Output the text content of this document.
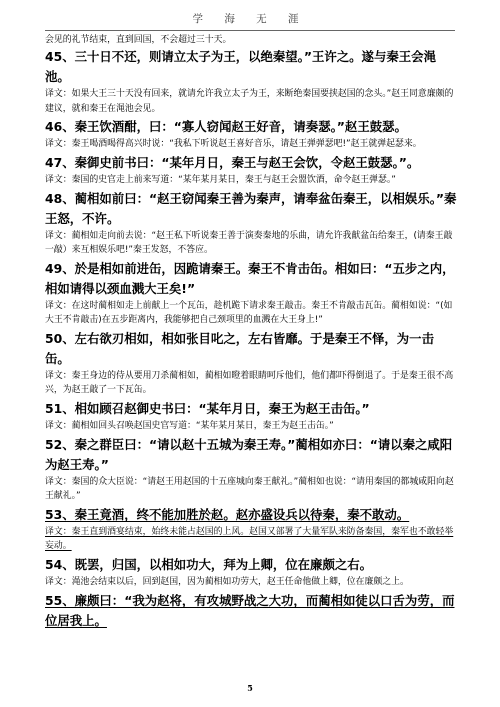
学 海 无 涯

会见的礼节结束，直到回国，不会超过三十天。

45、三十日不还，则请立太子为王，以绝秦望。”王许之。遂与秦王会渑池。

译文：如果大王三十天没有回来，就请允许我立太子为王，来断绝秦国要挟赵国的念头。”赵王同意廉颇的建议，就和秦王在渑池会见。

46、秦王饮酒酣，曰：“寡人窃闻赵王好音，请奏瑟。”赵王鼓瑟。

译文：秦王喝酒喝得高兴时说：“我私下听说赵王喜好音乐，请赵王弹弹瑟吧!”赵王就弹起瑟来。

47、秦御史前书曰：“某年月日，秦王与赵王会饮，令赵王鼓瑟。”。

译文：秦国的史官走上前来写道：“某年某月某日，秦王与赵王会盟饮酒，命令赵王弹瑟。”

48、蔺相如前曰：“赵王窃闻秦王善为秦声，请奉盆缶秦王，以相娱乐。”秦王怒，不许。

译文：蔺相如走向前去说：“赵王私下听说秦王善于演奏秦地的乐曲，请允许我献盆缶给秦王，(请秦王敲一敲）来互相娱乐吧!”秦王发怒，不答应。

49、於是相如前进缶，因跪请秦王。秦王不肯击缶。相如曰：“五步之内，相如请得以颈血溅大王矣!”

译文：在这时蔺相如走上前献上一个瓦缶，趁机跪下请求秦王敲击。秦王不肯敲击瓦缶。蔺相如说：“(如大王不肯敲击)在五步距离内，我能够把自己颈项里的血溅在大王身上!”

50、左右欲刃相如，相如张目叱之，左右皆靡。于是秦王不怿，为一击缶。

译文：秦王身边的侍从要用刀杀蔺相如，蔺相如瞪着眼睛呵斥他们，他们都吓得倒退了。于是秦王很不高兴，为赵王敲了一下瓦缶。

51、相如顾召赵御史书曰：“某年月日，秦王为赵王击缶。”

译文：蔺相如回头召唤赵国史官写道：“某年某月某日，秦王为赵王击缶。”

52、秦之群臣曰：“请以赵十五城为秦王寿。”蔺相如亦曰：“请以秦之咸阳为赵王寿。”

译文：秦国的众大臣说：“请赵王用赵国的十五座城向秦王献礼。”蔺相如也说：“请用秦国的都城咸阳向赵王献礼。”

53、秦王竟酒，终不能加胜於赵。赵亦盛设兵以待秦，秦不敢动。

译文：秦王直到酒宴结束，始终未能占赵国的上风。赵国又部署了大量军队来防备秦国，秦军也不敢轻举妄动。

54、既罢，归国，以相如功大，拜为上卿，位在廉颇之右。

译文：渑池会结束以后，回到赵国，因为蔺相如功劳大，赵王任命他做上卿，位在廉颇之上。

55、廉颇曰：“我为赵将，有攻城野战之大功，而蔺相如徒以口舌为劳，而位居我上。

5
